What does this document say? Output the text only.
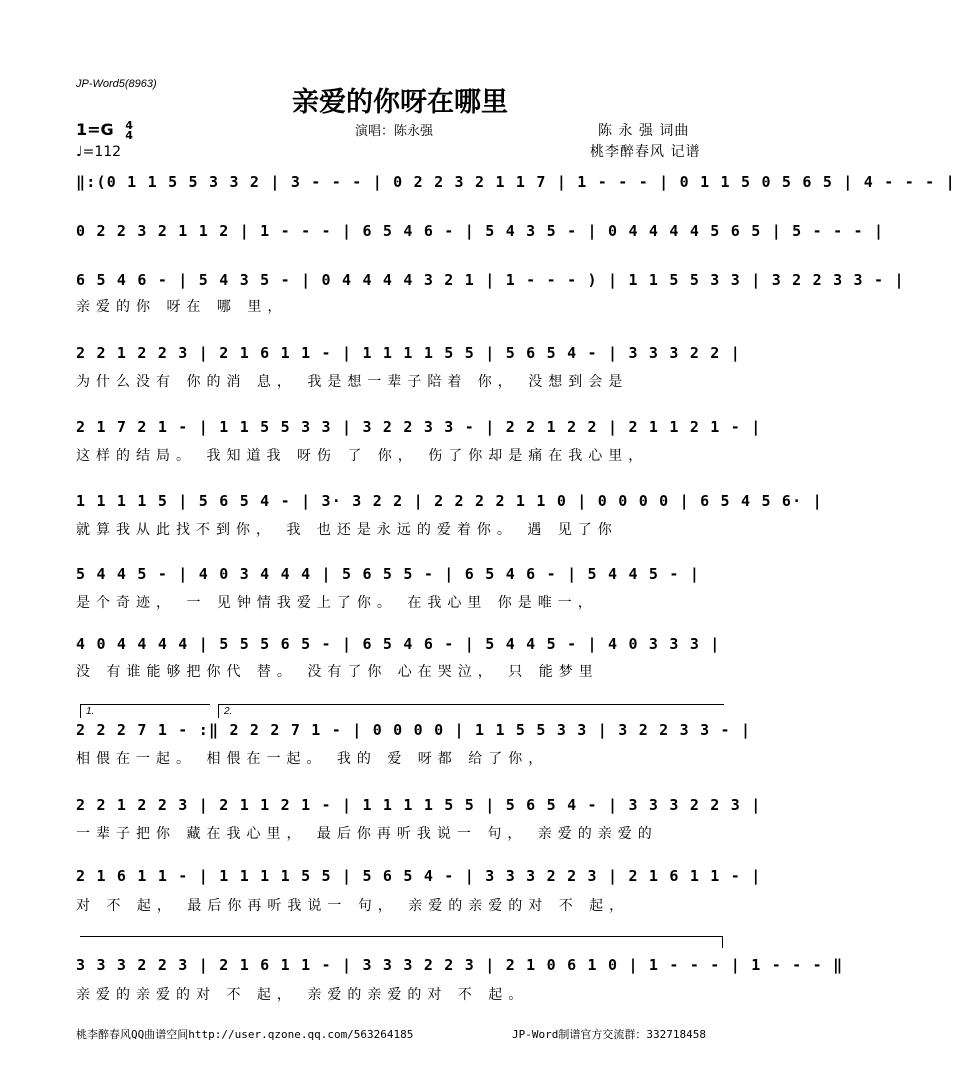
JP-Word5(8963)
亲爱的你呀在哪里
1=G 4
4
♩=112
演唱：陈永强	陈 永 强 词曲
桃李醉春风 记谱
‖:(0 1 1 5 5 3 3 2 | 3 - - - | 0 2 2 3 2 1 1 7 | 1 - - - | 0 1 1 5 0 5 6 5 | 4 - - - |
0 2 2 3 2 1 1 2 | 1 - - - | 6 5 4 6 - | 5 4 3 5 - | 0 4 4 4 4 5 6 5 | 5 - - - |
6 5 4 6 - | 5 4 3 5 - | 0 4 4 4 4 3 2 1 | 1 - - - ) | 1 1 5 5 3 3 | 3 2 2 3 3 - |
亲爱的你 呀在 哪 里，
2 2 1 2 2 3 | 2 1 6 1 1 - | 1 1 1 1 5 5 | 5 6 5 4 - | 3 3 3 2 2 |
为什么没有 你的消 息， 我是想一辈子陪着 你， 没想到会是
2 1 7 2 1 - | 1 1 5 5 3 3 | 3 2 2 3 3 - | 2 2 1 2 2 | 2 1 1 2 1 - |
这样的结局。 我知道我 呀伤 了 你， 伤了你却是痛在我心里，
1 1 1 1 5 | 5 6 5 4 - | 3· 3 2 2 | 2 2 2 2 1 1 0 | 0 0 0 0 | 6 5 4 5 6· |
就算我从此找不到你， 我 也还是永远的爱着你。 遇 见了你
5 4 4 5 - | 4 0 3 4 4 4 | 5 6 5 5 - | 6 5 4 6 - | 5 4 4 5 - |
是个奇迹， 一 见钟情我爱上了你。 在我心里 你是唯一，
4 0 4 4 4 4 | 5 5 5 6 5 - | 6 5 4 6 - | 5 4 4 5 - | 4 0 3 3 3 |
没 有谁能够把你代 替。 没有了你 心在哭泣， 只 能梦里
1.	2.
2 2 2 7 1 - :‖ 2 2 2 7 1 - | 0 0 0 0 | 1 1 5 5 3 3 | 3 2 2 3 3 - |
相偎在一起。 相偎在一起。 我的 爱 呀都 给了你，
2 2 1 2 2 3 | 2 1 1 2 1 - | 1 1 1 1 5 5 | 5 6 5 4 - | 3 3 3 2 2 3 |
一辈子把你 藏在我心里， 最后你再听我说一 句， 亲爱的亲爱的
2 1 6 1 1 - | 1 1 1 1 5 5 | 5 6 5 4 - | 3 3 3 2 2 3 | 2 1 6 1 1 - |
对 不 起， 最后你再听我说一 句， 亲爱的亲爱的对 不 起，
3 3 3 2 2 3 | 2 1 6 1 1 - | 3 3 3 2 2 3 | 2 1 0 6 1 0 | 1 - - - | 1 - - - ‖
亲爱的亲爱的对 不 起， 亲爱的亲爱的对 不 起。
桃李醉春风QQ曲谱空间http://user.qzone.qq.com/563264185	JP-Word制谱官方交流群：332718458
